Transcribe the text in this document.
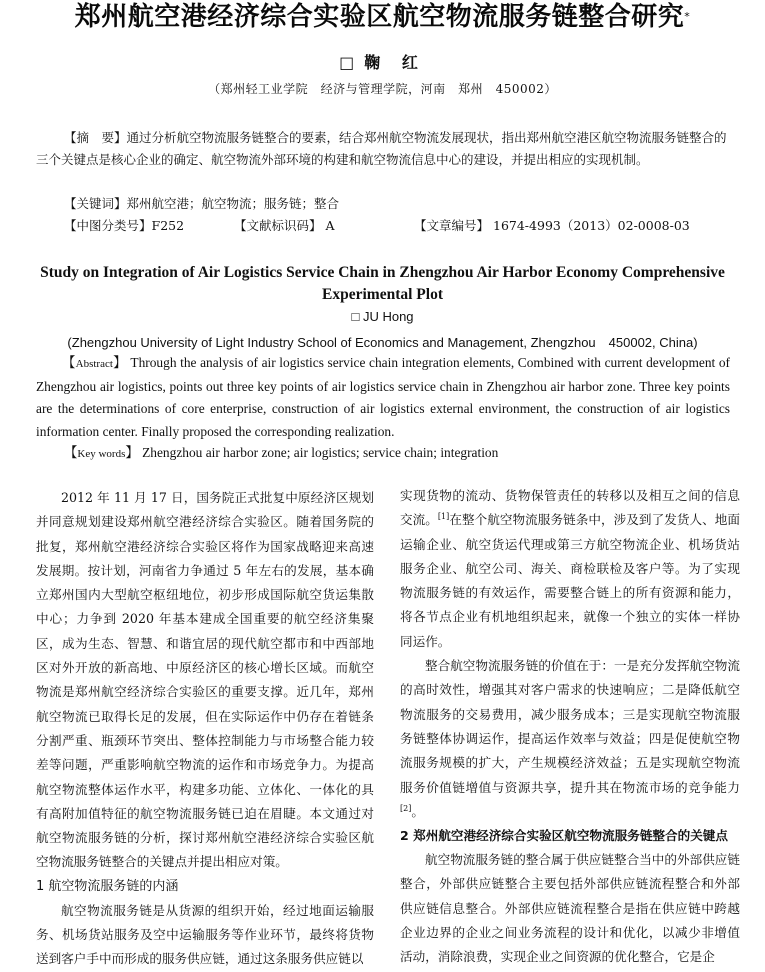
郑州航空港经济综合实验区航空物流服务链整合研究*
□ 鞠 红
（郑州轻工业学院　经济与管理学院，河南　郑州　450002）

【摘　要】通过分析航空物流服务链整合的要素，结合郑州航空物流发展现状，指出郑州航空港区航空物流服务链整合的三个关键点是核心企业的确定、航空物流外部环境的构建和航空物流信息中心的建设，并提出相应的实现机制。

【关键词】郑州航空港；航空物流；服务链；整合
【中图分类号】F252	【文献标识码】 A	【文章编号】 1674-4993（2013）02-0008-03
Study on Integration of Air Logistics Service Chain in Zhengzhou Air Harbor Economy Comprehensive Experimental Plot
□ JU Hong
(Zhengzhou University of Light Industry School of Economics and Management, Zhengzhou　450002, China)

【Abstract】 Through the analysis of air logistics service chain integration elements, Combined with current development of Zhengzhou air logistics, points out three key points of air logistics service chain in Zhengzhou air harbor zone. Three key points are the determinations of core enterprise, construction of air logistics external environment, the construction of air logistics information center. Finally proposed the corresponding realization.

【Key words】 Zhengzhou air harbor zone; air logistics; service chain; integration

2012 年 11 月 17 日，国务院正式批复中原经济区规划并同意规划建设郑州航空港经济综合实验区。随着国务院的批复，郑州航空港经济综合实验区将作为国家战略迎来高速发展期。按计划，河南省力争通过 5 年左右的发展，基本确立郑州国内大型航空枢纽地位，初步形成国际航空货运集散中心；力争到 2020 年基本建成全国重要的航空经济集聚区，成为生态、智慧、和谐宜居的现代航空都市和中西部地区对外开放的新高地、中原经济区的核心增长区域。而航空物流是郑州航空经济综合实验区的重要支撑。近几年，郑州航空物流已取得长足的发展，但在实际运作中仍存在着链条分割严重、瓶颈环节突出、整体控制能力与市场整合能力较差等问题，严重影响航空物流的运作和市场竞争力。为提高航空物流整体运作水平，构建多功能、立体化、一体化的具有高附加值特征的航空物流服务链已迫在眉睫。本文通过对航空物流服务链的分析，探讨郑州航空港经济综合实验区航空物流服务链整合的关键点并提出相应对策。

1 航空物流服务链的内涵

航空物流服务链是从货源的组织开始，经过地面运输服务、机场货站服务及空中运输服务等作业环节，最终将货物送到客户手中而形成的服务供应链，通过这条服务供应链以

实现货物的流动、货物保管责任的转移以及相互之间的信息交流。[1]在整个航空物流服务链条中，涉及到了发货人、地面运输企业、航空货运代理或第三方航空物流企业、机场货站服务企业、航空公司、海关、商检联检及客户等。为了实现物流服务链的有效运作，需要整合链上的所有资源和能力，将各节点企业有机地组织起来，就像一个独立的实体一样协同运作。

整合航空物流服务链的价值在于：一是充分发挥航空物流的高时效性，增强其对客户需求的快速响应；二是降低航空物流服务的交易费用，减少服务成本；三是实现航空物流服务链整体协调运作，提高运作效率与效益；四是促使航空物流服务规模的扩大，产生规模经济效益；五是实现航空物流服务价值链增值与资源共享，提升其在物流市场的竞争能力[2]。

2 郑州航空港经济综合实验区航空物流服务链整合的关键点

航空物流服务链的整合属于供应链整合当中的外部供应链整合，外部供应链整合主要包括外部供应链流程整合和外部供应链信息整合。外部供应链流程整合是指在供应链中跨越企业边界的企业之间业务流程的设计和优化，以减少非增值活动，消除浪费，实现企业之间资源的优化整合，它是企
